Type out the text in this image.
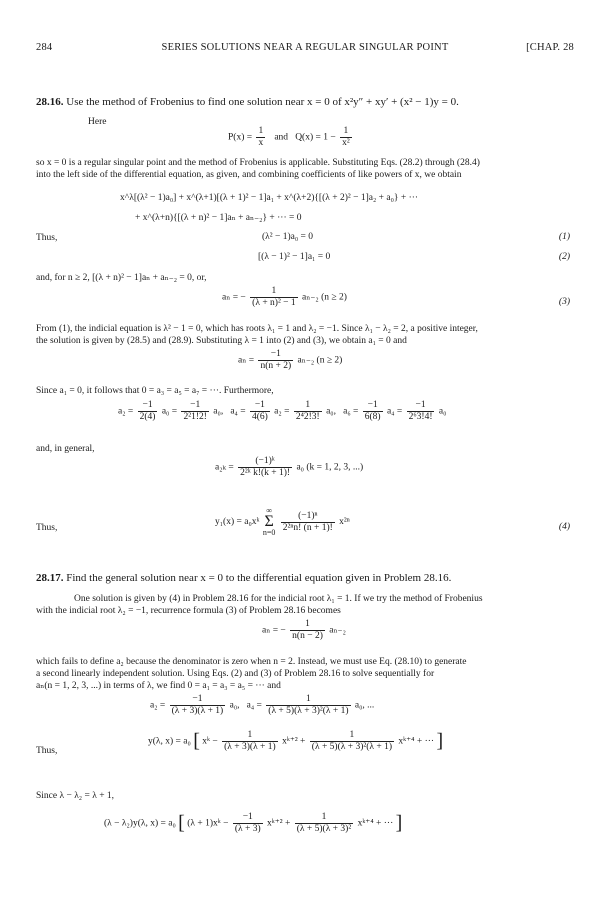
284	SERIES SOLUTIONS NEAR A REGULAR SINGULAR POINT	[CHAP. 28
28.16. Use the method of Frobenius to find one solution near x = 0 of x²y″ + xy′ + (x² − 1)y = 0.
Here
$P(x) = \frac{1}{x}$ and $Q(x) = 1 - \frac{1}{\text{x²}}$
so x = 0 is a regular singular point and the method of Frobenius is applicable. Substituting Eqs. (28.2) through (28.4)
into the left side of the differential equation, as given, and combining coefficients of like powers of x, we obtain
x^λ[(λ² − 1)a₀] + x^(λ+1)[(λ + 1)² − 1]a₁ + x^(λ+2){[(λ + 2)² − 1]a₂ + a₀} + ···
+ x^(λ+n){[(λ + n)² − 1]aₙ + aₙ₋₂} + ··· = 0
Thus,	(λ² − 1)a₀ = 0	(1)
[(λ − 1)² − 1]a₁ = 0	(2)
and, for n ≥ 2, [(λ + n)² − 1]aₙ + aₙ₋₂ = 0, or,
aₙ = − $\frac{1}{\text{(λ + n)² − 1}} a_{n-2}$ (n ≥ 2)	(3)
From (1), the indicial equation is λ² − 1 = 0, which has roots λ₁ = 1 and λ₂ = −1. Since λ₁ − λ₂ = 2, a positive integer,
the solution is given by (28.5) and (28.9). Substituting λ = 1 into (2) and (3), we obtain a₁ = 0 and
$a_n = \frac{-1}{n(n + 2)} a_{n-2}$ (n ≥ 2)
Since a₁ = 0, it follows that 0 = a₃ = a₅ = a₇ = ···. Furthermore,
$a_2 = \frac{-1}{2(4)} a_0 = \frac{-1}{\text{2²1!2!}} a_0$, $a_4 = \frac{-1}{4(6)} a_2 = \frac{1}{\text{2⁴2!3!}} a_0$, $a_6 = \frac{-1}{6(8)} a_4 = \frac{-1}{\text{2⁶3!4!}} a_0$
and, in general,
$a_{2k} = \frac{\text{(−1)ᵏ}}{\text{2²ᵏ k!(k + 1)!}} a_0$ (k = 1, 2, 3, ...)
Thus,
y₁(x) = a₀xᵏ ∞
Σ
$n=0 \frac{\text{(−1)ⁿ}}{\text{2²ⁿn! (n + 1)!}} x^{2n}$	(4)
28.17. Find the general solution near x = 0 to the differential equation given in Problem 28.16.
One solution is given by (4) in Problem 28.16 for the indicial root λ₁ = 1. If we try the method of Frobenius
with the indicial root λ₂ = −1, recurrence formula (3) of Problem 28.16 becomes
aₙ = − $\frac{1}{n(n - 2)} a_{n-2}$
which fails to define a₂ because the denominator is zero when n = 2. Instead, we must use Eq. (28.10) to generate
a second linearly independent solution. Using Eqs. (2) and (3) of Problem 28.16 to solve sequentially for
aₙ(n = 1, 2, 3, ...) in terms of λ, we find 0 = a₁ = a₃ = a₅ = ··· and
$a_2 = \frac{-1}{(\lambda + 3)(\lambda + 1)} a_0$, $a_4 = \frac{1}{\text{(λ + 5)(λ + 3)²(λ + 1)}} a_0$, ...
Thus,
y(λ, x) = a₀ [ xᵏ − $\frac{1}{(\lambda + 3)(\lambda + 1)}$ xᵏ⁺² + $\frac{1}{\text{(λ + 5)(λ + 3)²(λ + 1)}}$ xᵏ⁺⁴ + ··· ]
Since λ − λ₂ = λ + 1,
(λ − λ₂)y(λ, x) = a₀ [ (λ + 1)xᵏ − $\frac{-1}{(\lambda + 3)}$ xᵏ⁺² + $\frac{1}{\text{(λ + 5)(λ + 3)²}}$ xᵏ⁺⁴ + ··· ]
